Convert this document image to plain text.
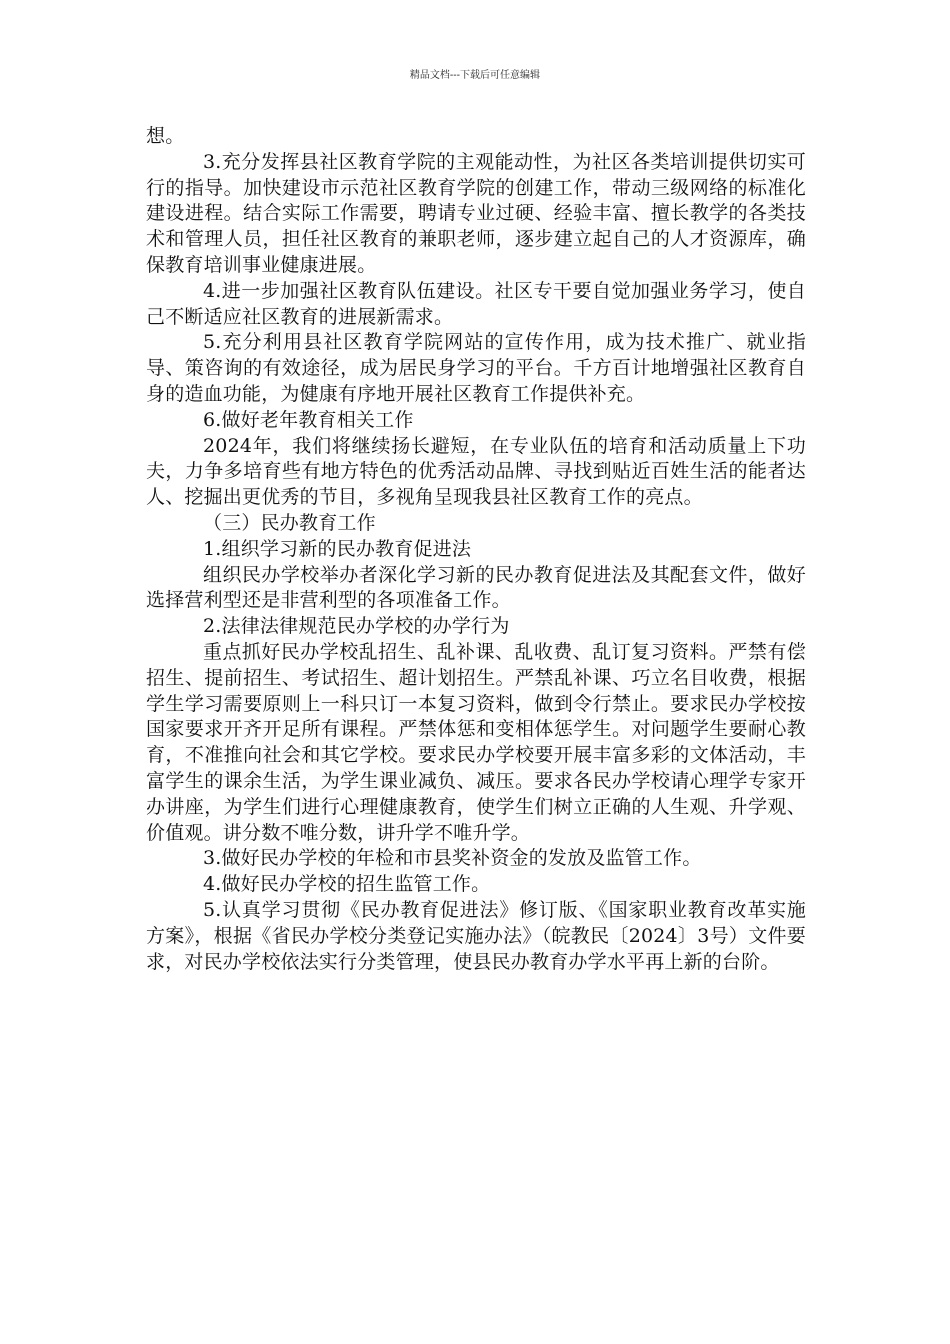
精品文档---下载后可任意编辑

想。

3.充分发挥县社区教育学院的主观能动性，为社区各类培训提供切实可行的指导。加快建设市示范社区教育学院的创建工作，带动三级网络的标准化建设进程。结合实际工作需要，聘请专业过硬、经验丰富、擅长教学的各类技术和管理人员，担任社区教育的兼职老师，逐步建立起自己的人才资源库，确保教育培训事业健康进展。

4.进一步加强社区教育队伍建设。社区专干要自觉加强业务学习，使自己不断适应社区教育的进展新需求。

5.充分利用县社区教育学院网站的宣传作用，成为技术推广、就业指导、策咨询的有效途径，成为居民身学习的平台。千方百计地增强社区教育自身的造血功能，为健康有序地开展社区教育工作提供补充。

6.做好老年教育相关工作

2024年，我们将继续扬长避短，在专业队伍的培育和活动质量上下功夫，力争多培育些有地方特色的优秀活动品牌、寻找到贴近百姓生活的能者达人、挖掘出更优秀的节目，多视角呈现我县社区教育工作的亮点。

（三）民办教育工作

1.组织学习新的民办教育促进法

组织民办学校举办者深化学习新的民办教育促进法及其配套文件，做好选择营利型还是非营利型的各项准备工作。

2.法律法律规范民办学校的办学行为

重点抓好民办学校乱招生、乱补课、乱收费、乱订复习资料。严禁有偿招生、提前招生、考试招生、超计划招生。严禁乱补课、巧立名目收费，根据学生学习需要原则上一科只订一本复习资料，做到令行禁止。要求民办学校按国家要求开齐开足所有课程。严禁体惩和变相体惩学生。对问题学生要耐心教育，不准推向社会和其它学校。要求民办学校要开展丰富多彩的文体活动，丰富学生的课余生活，为学生课业减负、减压。要求各民办学校请心理学专家开办讲座，为学生们进行心理健康教育，使学生们树立正确的人生观、升学观、价值观。讲分数不唯分数，讲升学不唯升学。

3.做好民办学校的年检和市县奖补资金的发放及监管工作。

4.做好民办学校的招生监管工作。

5.认真学习贯彻《民办教育促进法》修订版、《国家职业教育改革实施方案》，根据《省民办学校分类登记实施办法》（皖教民〔2024〕3号）文件要求，对民办学校依法实行分类管理，使县民办教育办学水平再上新的台阶。
